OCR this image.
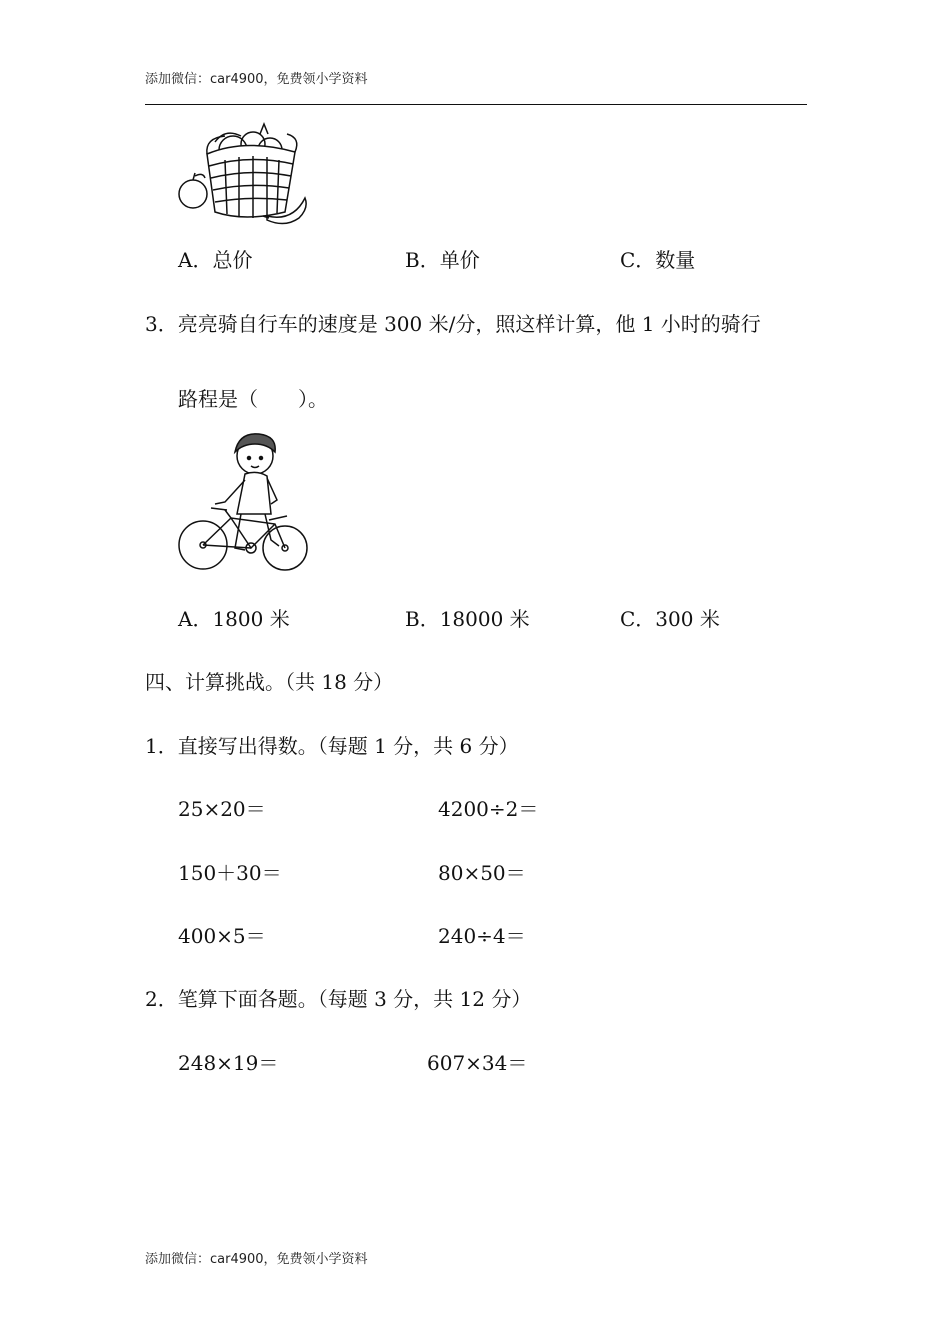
添加微信：car4900，免费领小学资料
A．总价	B．单价	C．数量
3．亮亮骑自行车的速度是 300 米/分，照这样计算，他 1 小时的骑行
路程是（　　）。
A．1800 米	B．18000 米	C．300 米
四、计算挑战。（共 18 分）
1．直接写出得数。（每题 1 分，共 6 分）
25×20＝	4200÷2＝
150＋30＝	80×50＝
400×5＝	240÷4＝
2．笔算下面各题。（每题 3 分，共 12 分）
248×19＝	607×34＝
添加微信：car4900，免费领小学资料
